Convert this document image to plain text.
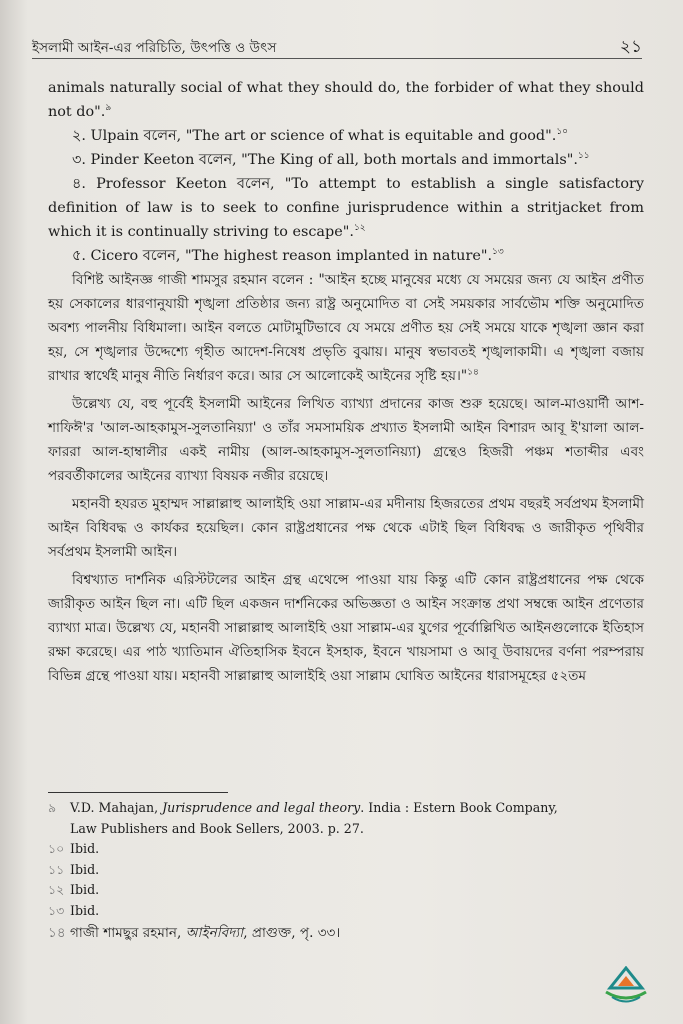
ইসলামী আইন-এর পরিচিতি, উৎপত্তি ও উৎস	২১

animals naturally social of what they should do, the forbider of what they should not do".$^৯$

২. Ulpain বলেন, "The art or science of what is equitable and good".$^{১০}$

৩. Pinder Keeton বলেন, "The King of all, both mortals and immortals".$^{১১}$

৪. Professor Keeton বলেন, "To attempt to establish a single satisfactory definition of law is to seek to confine jurisprudence within a stritjacket from which it is continually striving to escape".$^{১২}$

৫. Cicero বলেন, "The highest reason implanted in nature".$^{১৩}$

বিশিষ্ট আইনজ্ঞ গাজী শামসুর রহমান বলেন : "আইন হচ্ছে মানুষের মধ্যে যে সময়ের জন্য যে আইন প্রণীত হয় সেকালের ধারণানুযায়ী শৃঙ্খলা প্রতিষ্ঠার জন্য রাষ্ট্র অনুমোদিত বা সেই সময়কার সার্বভৌম শক্তি অনুমোদিত অবশ্য পালনীয় বিধিমালা। আইন বলতে মোটামুটিভাবে যে সময়ে প্রণীত হয় সেই সময়ে যাকে শৃঙ্খলা জ্ঞান করা হয়, সে শৃঙ্খলার উদ্দেশ্যে গৃহীত আদেশ-নিষেধ প্রভৃতি বুঝায়। মানুষ স্বভাবতই শৃঙ্খলাকামী। এ শৃঙ্খলা বজায় রাখার স্বার্থেই মানুষ নীতি নির্ধারণ করে। আর সে আলোকেই আইনের সৃষ্টি হয়।"$^{১৪}$

উল্লেখ্য যে, বহু পূর্বেই ইসলামী আইনের লিখিত ব্যাখ্যা প্রদানের কাজ শুরু হয়েছে। আল-মাওয়ার্দী আশ-শাফিঈ'র 'আল-আহকামুস-সুলতানিয়্যা' ও তাঁর সমসাময়িক প্রখ্যাত ইসলামী আইন বিশারদ আবূ ই'য়ালা আল-ফাররা আল-হাম্বালীর একই নামীয় (আল-আহকামুস-সুলতানিয়্যা) গ্রন্থেও হিজরী পঞ্চম শতাব্দীর এবং পরবর্তীকালের আইনের ব্যাখ্যা বিষয়ক নজীর রয়েছে।

মহানবী হযরত মুহাম্মদ সাল্লাল্লাহু আলাইহি ওয়া সাল্লাম-এর মদীনায় হিজরতের প্রথম বছরই সর্বপ্রথম ইসলামী আইন বিধিবদ্ধ ও কার্যকর হয়েছিল। কোন রাষ্ট্রপ্রধানের পক্ষ থেকে এটাই ছিল বিধিবদ্ধ ও জারীকৃত পৃথিবীর সর্বপ্রথম ইসলামী আইন।

বিশ্বখ্যাত দার্শনিক এরিস্টটলের আইন গ্রন্থ এথেন্সে পাওয়া যায় কিন্তু এটি কোন রাষ্ট্রপ্রধানের পক্ষ থেকে জারীকৃত আইন ছিল না। এটি ছিল একজন দার্শনিকের অভিজ্ঞতা ও আইন সংক্রান্ত প্রথা সম্বন্ধে আইন প্রণেতার ব্যাখ্যা মাত্র। উল্লেখ্য যে, মহানবী সাল্লাল্লাহু আলাইহি ওয়া সাল্লাম-এর যুগের পূর্বোল্লিখিত আইনগুলোকে ইতিহাস রক্ষা করেছে। এর পাঠ খ্যাতিমান ঐতিহাসিক ইবনে ইসহাক, ইবনে খায়সামা ও আবূ উবায়দের বর্ণনা পরম্পরায় বিভিন্ন গ্রন্থে পাওয়া যায়। মহানবী সাল্লাল্লাহু আলাইহি ওয়া সাল্লাম ঘোষিত আইনের ধারাসমূহের ৫২তম

৯	V.D. Mahajan, Jurisprudence and legal theory. India : Estern Book Company,
Law Publishers and Book Sellers, 2003. p. 27.
১০ Ibid.
১১ Ibid.
১২ Ibid.
১৩ Ibid.
১৪ গাজী শামছুর রহমান, আইনবিদ্যা, প্রাগুক্ত, পৃ. ৩৩।
